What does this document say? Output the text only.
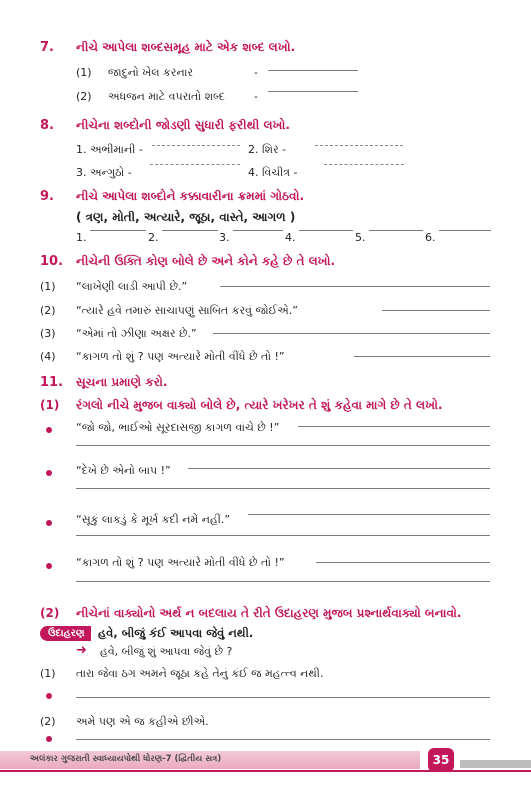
7. નીચે આપેલા શબ્દસમૂહ માટે એક શબ્દ લખો.
(1) જાદુનો ખેલ કરનાર	-
(2) અંધજન માટે વપરાતો શબ્દ	-
8. નીચેના શબ્દોની જોડણી સુધારી ફરીથી લખો.
1. અભીમાની -	2. શિર -
3. અન્ગુઠો -	4. વિચીત્ર -
9. નીચે આપેલા શબ્દોને કક્કાવારીના ક્રમમાં ગોઠવો.
( ત્રણ, મોતી, અત્યારે, જૂઠા, વાસ્તે, આગળ )
1.	2.	3.	4.	5.	6.
10. નીચેની ઉક્તિ કોણ બોલે છે અને કોને કહે છે તે લખો.
(1) “લાખેણી લાડી આપી છે.”
(2) “ત્યારે હવે તમારું સાચાપણું સાબિત કરવું જોઈએ.”
(3) “એમાં તો ઝીણા અક્ષર છે.”
(4) “કાગળ તો શું ? પણ અત્યારે મોતી વીંધે છે તો !”
11. સૂચના પ્રમાણે કરો.
(1) રંગલો નીચે મુજબ વાક્યો બોલે છે, ત્યારે ખરેખર તે શું કહેવા માગે છે તે લખો.
“જો જો, ભાઈઓ સૂરદાસજી કાગળ વાંચે છે !”
“દેખે છે એનો બાપ !”
“સૂકું લાકડું કે મૂર્ખ કદી નમે નહીં.”
“કાગળ તો શું ? પણ અત્યારે મોતી વીંધે છે તો !”
(2) નીચેનાં વાક્યોનો અર્થ ન બદલાય તે રીતે ઉદાહરણ મુજબ પ્રશ્નાર્થવાક્યો બનાવો.
ઉદાહરણ	હવે, બીજું કંઈ આપવા જેવું નથી.
➜ હવે, બીજું શું આપવા જેવું છે ?
(1) તારા જેવા ઠગ અમને જૂઠા કહે તેનું કંઈ જ મહત્ત્વ નથી.
(2) અમે પણ એ જ કહીએ છીએ.
અલંકાર ગુજરાતી સ્વાધ્યાયપોથી ધોરણ-7 (દ્વિતીય સત્ર)	35
